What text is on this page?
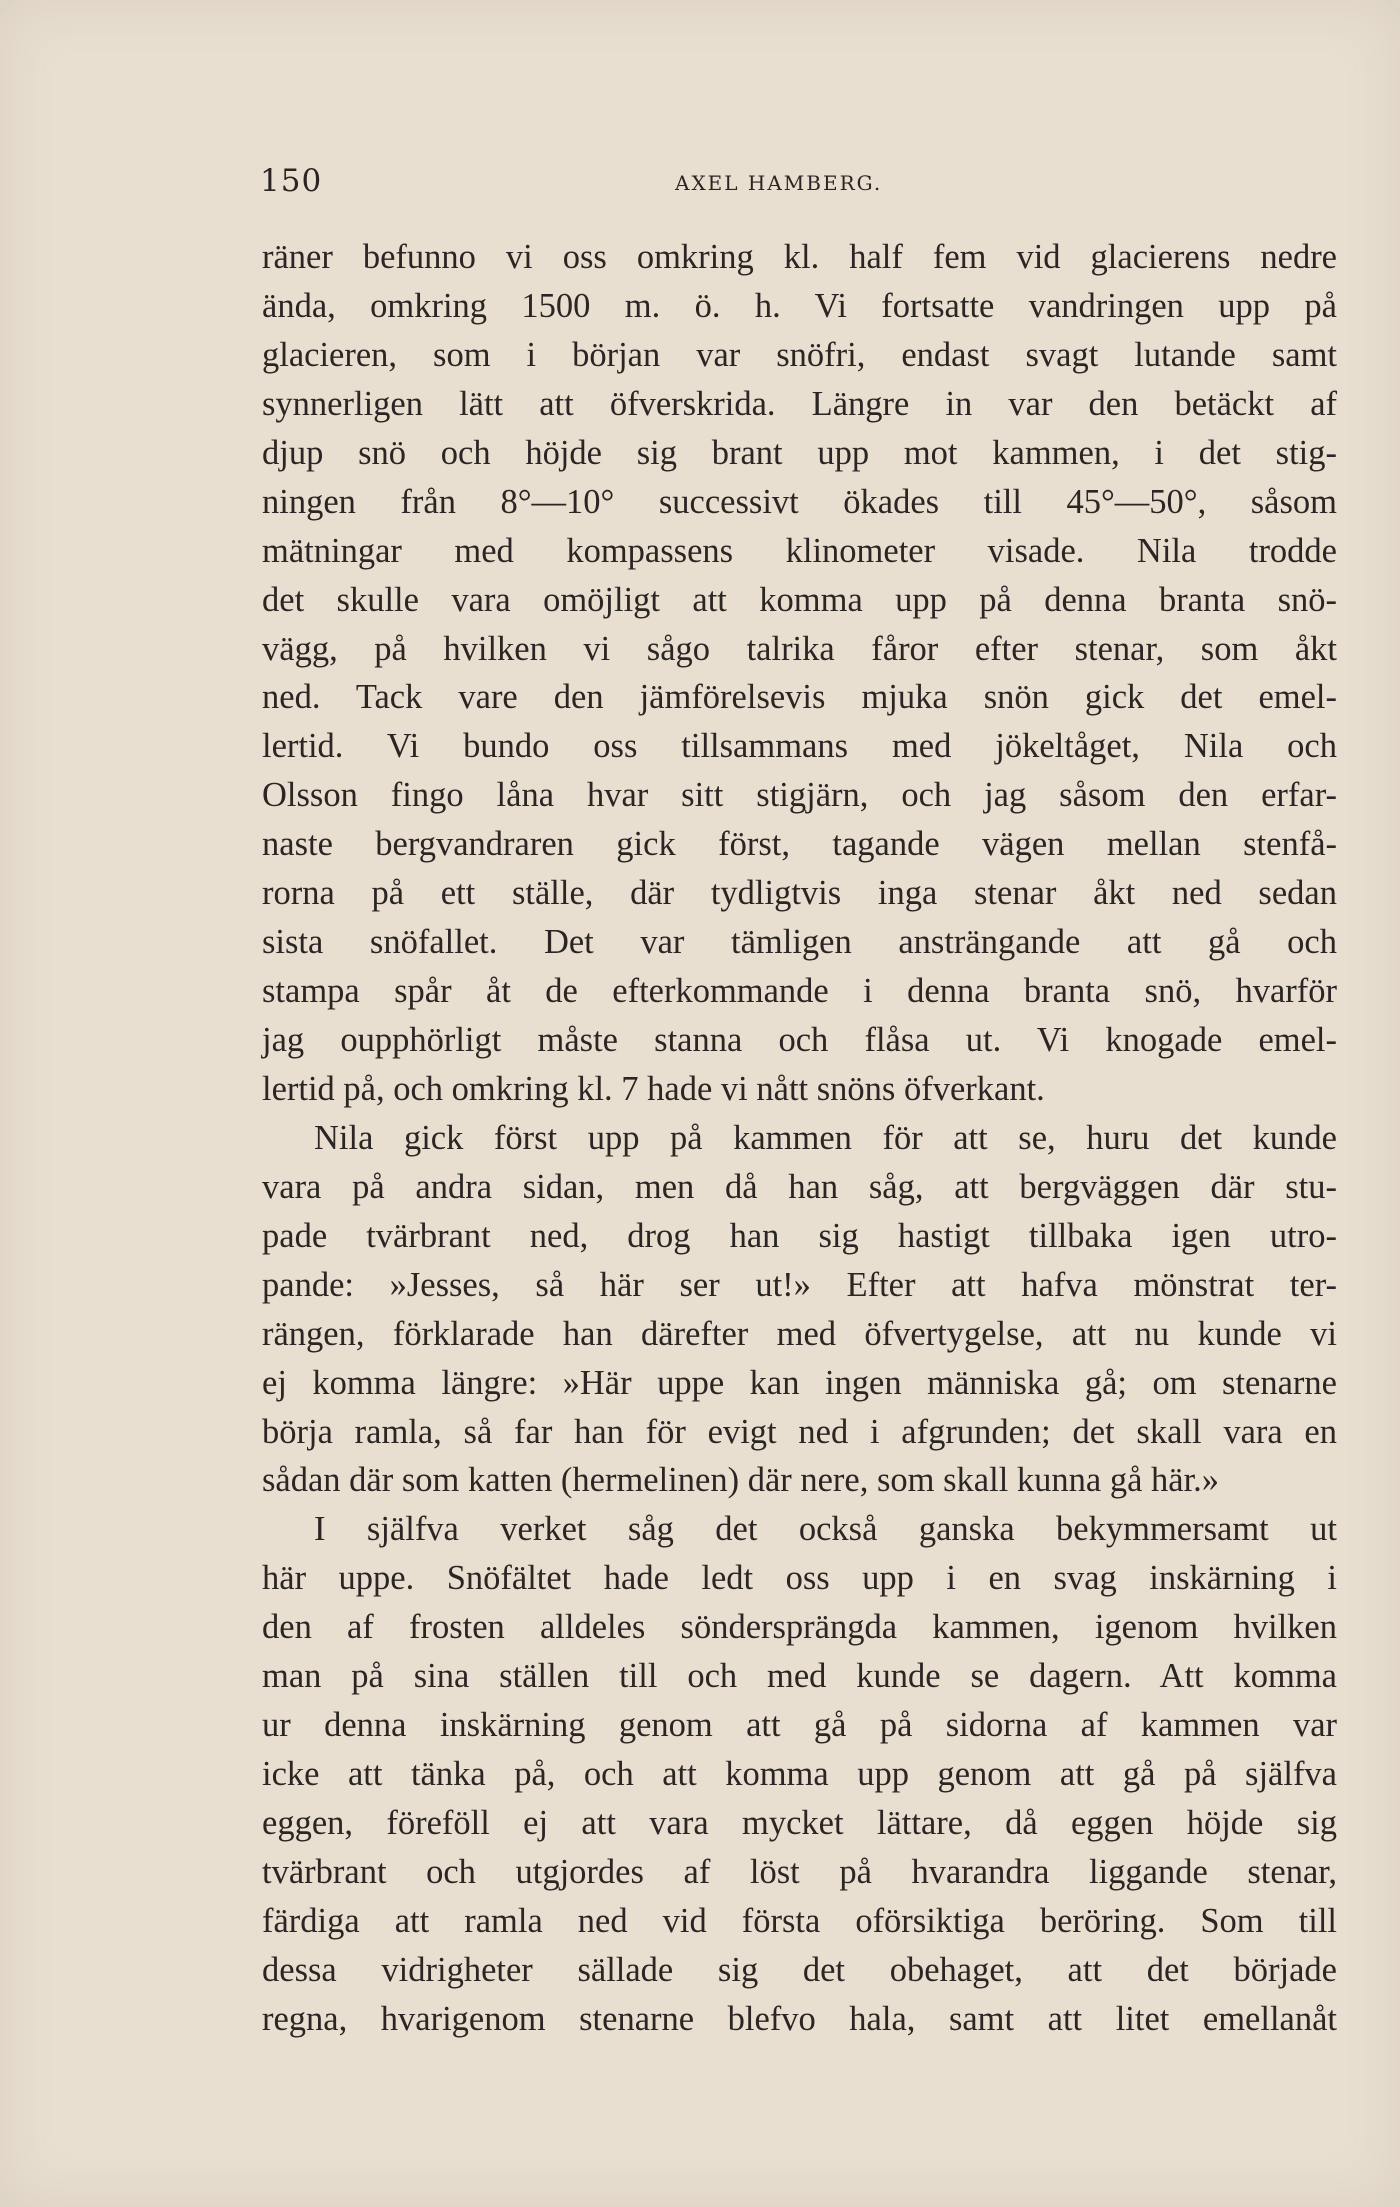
150	AXEL HAMBERG.
räner befunno vi oss omkring kl. half fem vid glacierens nedre
ända, omkring 1500 m. ö. h. Vi fortsatte vandringen upp på
glacieren, som i början var snöfri, endast svagt lutande samt
synnerligen lätt att öfverskrida. Längre in var den betäckt af
djup snö och höjde sig brant upp mot kammen, i det stig-
ningen från 8°—10° successivt ökades till 45°—50°, såsom
mätningar med kompassens klinometer visade. Nila trodde
det skulle vara omöjligt att komma upp på denna branta snö-
vägg, på hvilken vi sågo talrika fåror efter stenar, som åkt
ned. Tack vare den jämförelsevis mjuka snön gick det emel-
lertid. Vi bundo oss tillsammans med jökeltåget, Nila och
Olsson fingo låna hvar sitt stigjärn, och jag såsom den erfar-
naste bergvandraren gick först, tagande vägen mellan stenfå-
rorna på ett ställe, där tydligtvis inga stenar åkt ned sedan
sista snöfallet. Det var tämligen ansträngande att gå och
stampa spår åt de efterkommande i denna branta snö, hvarför
jag oupphörligt måste stanna och flåsa ut. Vi knogade emel-
lertid på, och omkring kl. 7 hade vi nått snöns öfverkant.
Nila gick först upp på kammen för att se, huru det kunde
vara på andra sidan, men då han såg, att bergväggen där stu-
pade tvärbrant ned, drog han sig hastigt tillbaka igen utro-
pande: »Jesses, så här ser ut!» Efter att hafva mönstrat ter-
rängen, förklarade han därefter med öfvertygelse, att nu kunde vi
ej komma längre: »Här uppe kan ingen människa gå; om stenarne
börja ramla, så far han för evigt ned i afgrunden; det skall vara en
sådan där som katten (hermelinen) där nere, som skall kunna gå här.»
I själfva verket såg det också ganska bekymmersamt ut
här uppe. Snöfältet hade ledt oss upp i en svag inskärning i
den af frosten alldeles söndersprängda kammen, igenom hvilken
man på sina ställen till och med kunde se dagern. Att komma
ur denna inskärning genom att gå på sidorna af kammen var
icke att tänka på, och att komma upp genom att gå på själfva
eggen, föreföll ej att vara mycket lättare, då eggen höjde sig
tvärbrant och utgjordes af löst på hvarandra liggande stenar,
färdiga att ramla ned vid första oförsiktiga beröring. Som till
dessa vidrigheter sällade sig det obehaget, att det började
regna, hvarigenom stenarne blefvo hala, samt att litet emellanåt
